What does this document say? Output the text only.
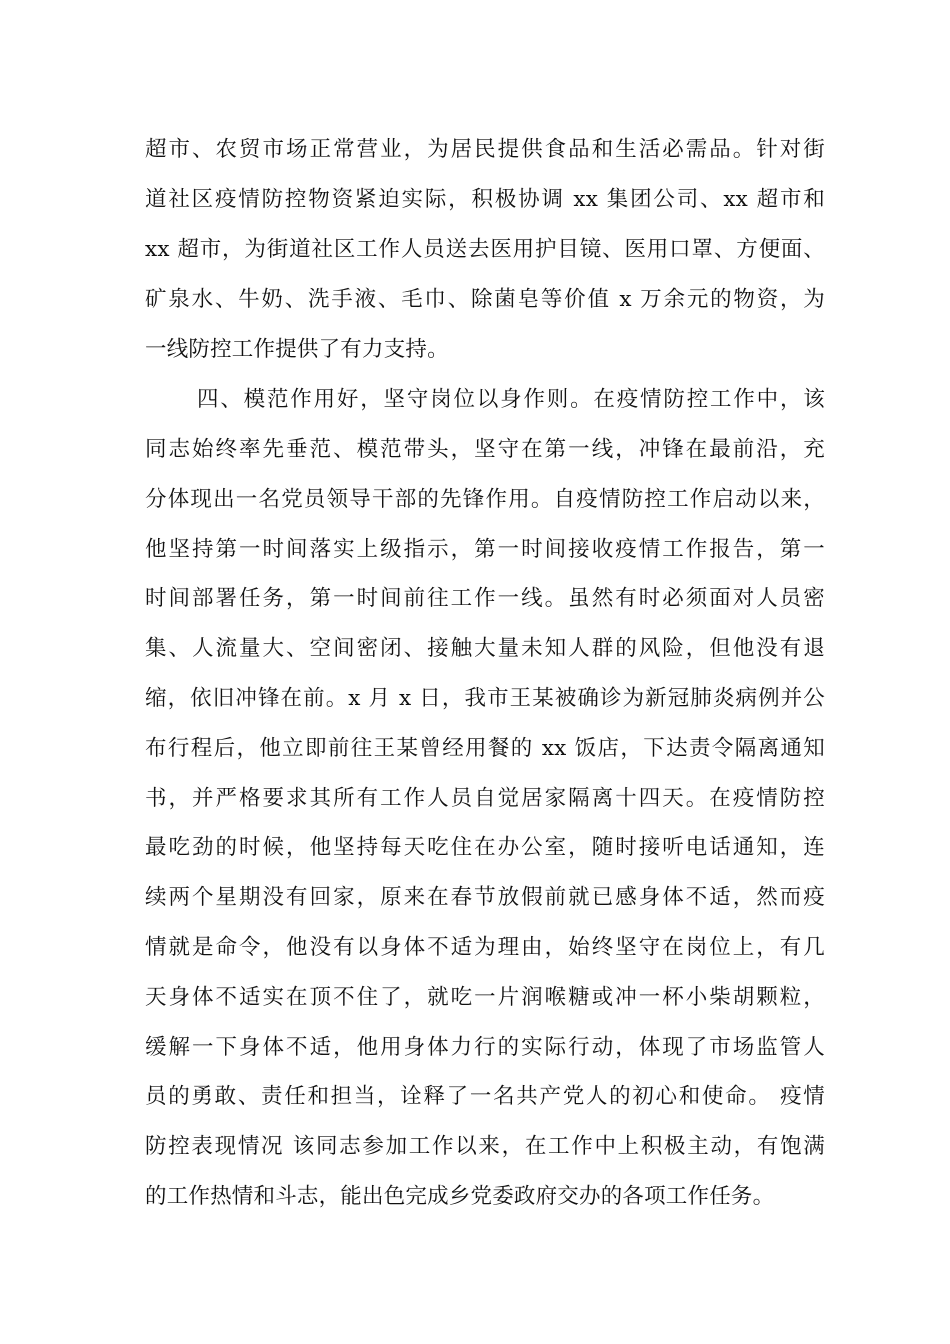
超市、农贸市场正常营业，为居民提供食品和生活必需品。针对街
道社区疫情防控物资紧迫实际，积极协调 xx 集团公司、xx 超市和
xx 超市，为街道社区工作人员送去医用护目镜、医用口罩、方便面、
矿泉水、牛奶、洗手液、毛巾、除菌皂等价值 x 万余元的物资，为
一线防控工作提供了有力支持。
四、模范作用好，坚守岗位以身作则。在疫情防控工作中，该
同志始终率先垂范、模范带头，坚守在第一线，冲锋在最前沿，充
分体现出一名党员领导干部的先锋作用。自疫情防控工作启动以来，
他坚持第一时间落实上级指示，第一时间接收疫情工作报告，第一
时间部署任务，第一时间前往工作一线。虽然有时必须面对人员密
集、人流量大、空间密闭、接触大量未知人群的风险，但他没有退
缩，依旧冲锋在前。x 月 x 日，我市王某被确诊为新冠肺炎病例并公
布行程后，他立即前往王某曾经用餐的 xx 饭店，下达责令隔离通知
书，并严格要求其所有工作人员自觉居家隔离十四天。在疫情防控
最吃劲的时候，他坚持每天吃住在办公室，随时接听电话通知，连
续两个星期没有回家，原来在春节放假前就已感身体不适，然而疫
情就是命令，他没有以身体不适为理由，始终坚守在岗位上，有几
天身体不适实在顶不住了，就吃一片润喉糖或冲一杯小柴胡颗粒，
缓解一下身体不适，他用身体力行的实际行动，体现了市场监管人
员的勇敢、责任和担当，诠释了一名共产党人的初心和使命。 疫情
防控表现情况 该同志参加工作以来，在工作中上积极主动，有饱满
的工作热情和斗志，能出色完成乡党委政府交办的各项工作任务。
